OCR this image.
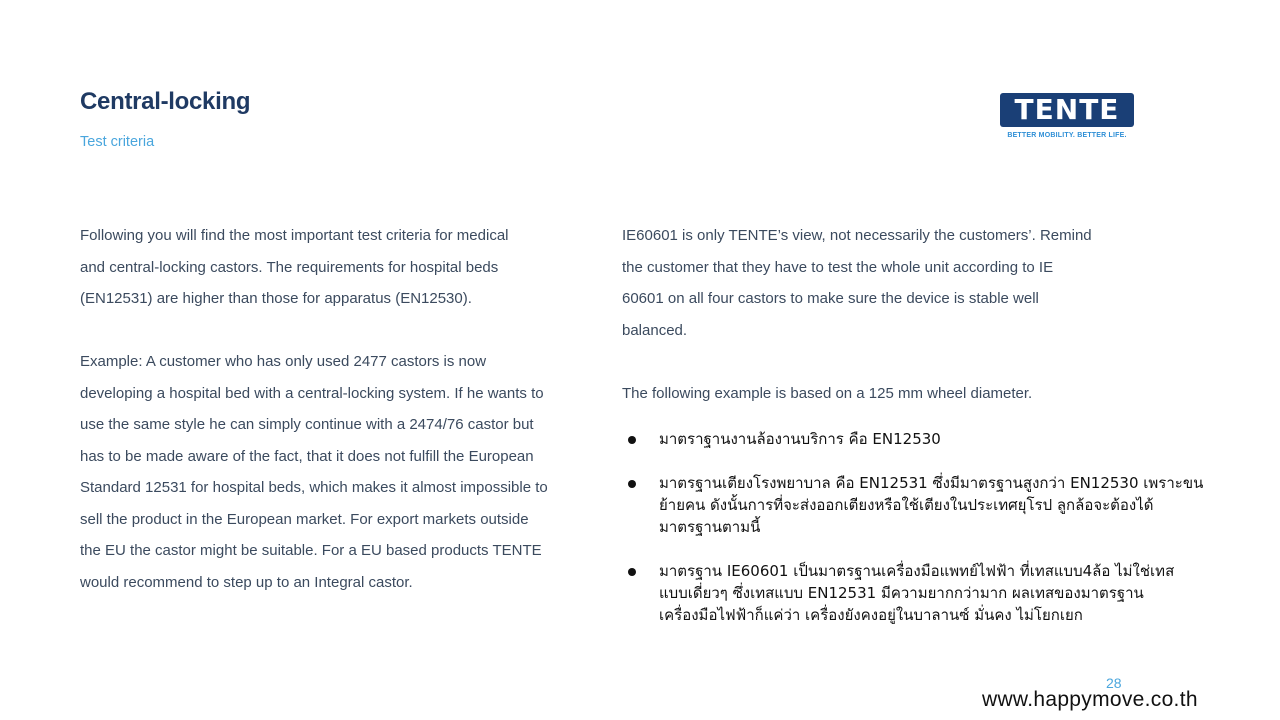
Central-locking
Test criteria
TENTE
BETTER MOBILITY. BETTER LIFE.

Following you will find the most important test criteria for medical
and central-locking castors. The requirements for hospital beds
(EN12531) are higher than those for apparatus (EN12530).

Example: A customer who has only used 2477 castors is now
developing a hospital bed with a central-locking system. If he wants to
use the same style he can simply continue with a 2474/76 castor but
has to be made aware of the fact, that it does not fulfill the European
Standard 12531 for hospital beds, which makes it almost impossible to
sell the product in the European market. For export markets outside
the EU the castor might be suitable. For a EU based products TENTE
would recommend to step up to an Integral castor.

IE60601 is only TENTE’s view, not necessarily the customers’. Remind
the customer that they have to test the whole unit according to IE
60601 on all four castors to make sure the device is stable well
balanced.

The following example is based on a 125 mm wheel diameter.

มาตราฐานงานล้องานบริการ คือ EN12530
มาตรฐานเตียงโรงพยาบาล คือ EN12531 ซึ่งมีมาตรฐานสูงกว่า EN12530 เพราะขน
ย้ายคน ดังนั้นการที่จะส่งออกเตียงหรือใช้เตียงในประเทศยุโรป ลูกล้อจะต้องได้
มาตรฐานตามนี้
มาตรฐาน IE60601 เป็นมาตรฐานเครื่องมือแพทย์ไฟฟ้า ที่เทสแบบ4ล้อ ไม่ใช่เทส
แบบเดี่ยวๆ ซึ่งเทสแบบ EN12531 มีความยากกว่ามาก ผลเทสของมาตรฐาน
เครื่องมือไฟฟ้าก็แค่ว่า เครื่องยังคงอยู่ในบาลานซ์ มั่นคง ไม่โยกเยก
28
www.happymove.co.th
